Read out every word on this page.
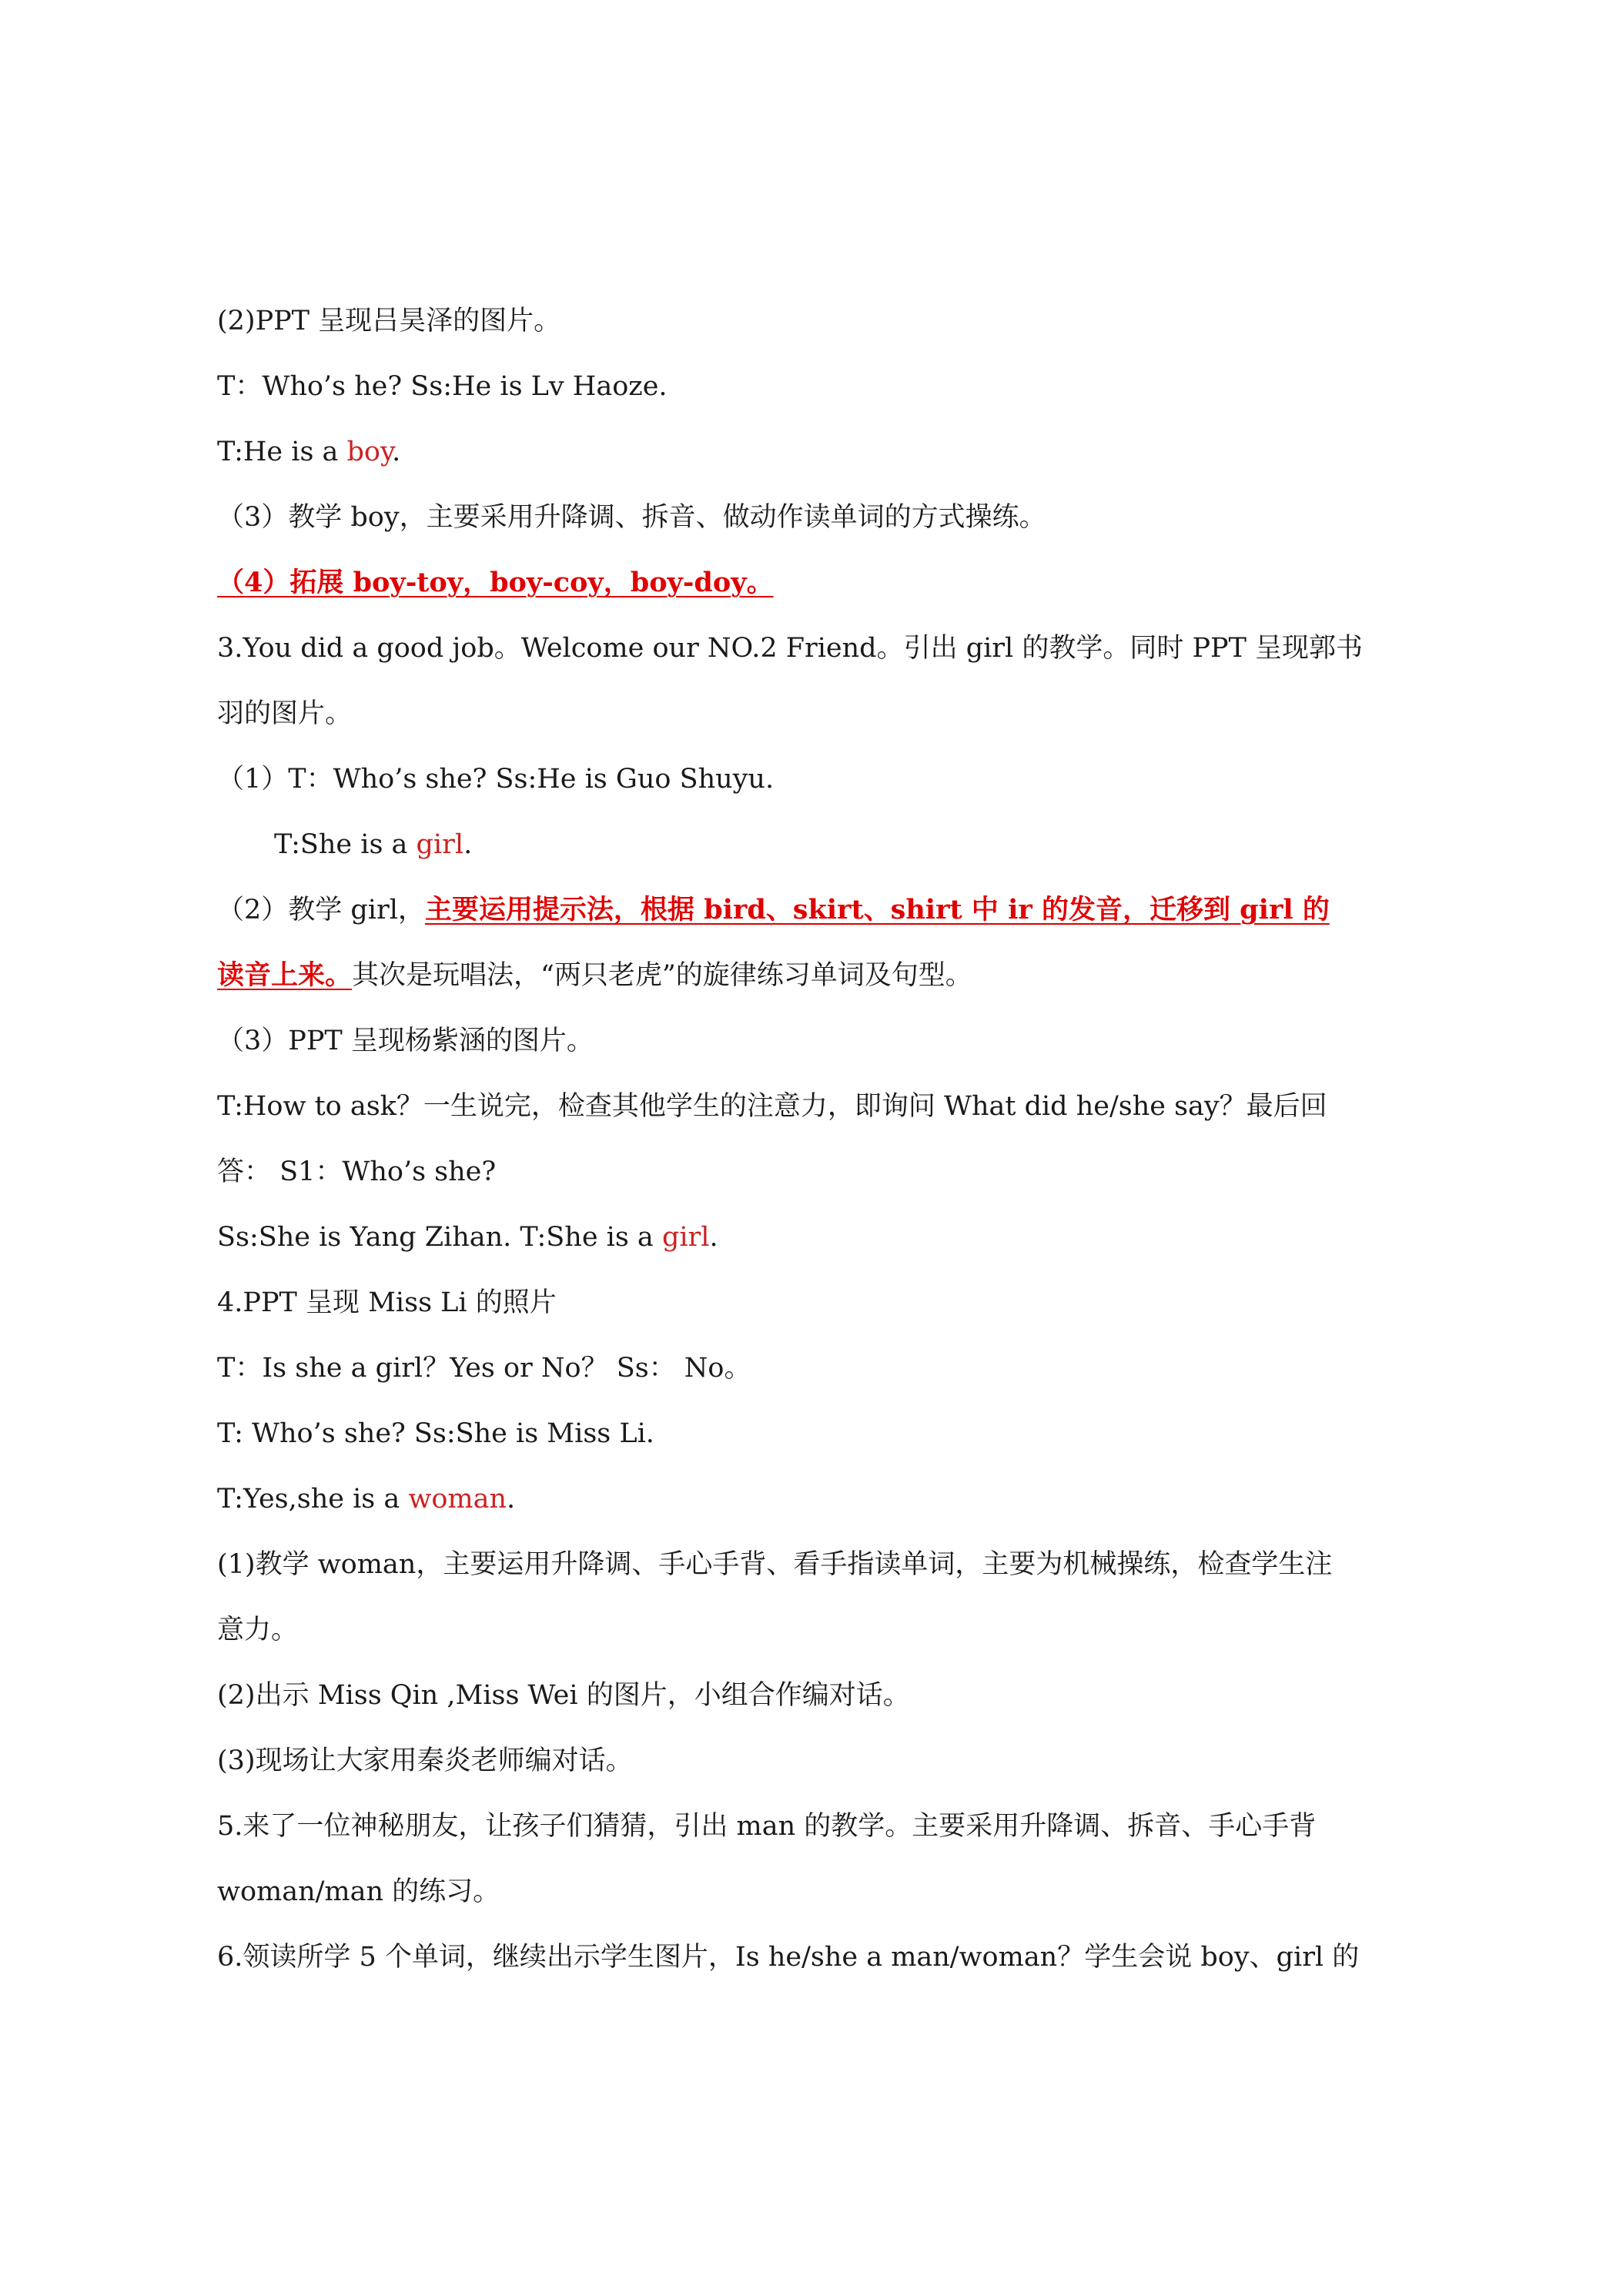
(2)PPT 呈现吕昊泽的图片。
T：Who’s he? Ss:He is Lv Haoze.
T:He is a boy.
（3）教学 boy，主要采用升降调、拆音、做动作读单词的方式操练。
（4）拓展 boy-toy，boy-coy，boy-doy。
3.You did a good job。Welcome our NO.2 Friend。引出 girl 的教学。同时 PPT 呈现郭书
羽的图片。
（1）T：Who’s she? Ss:He is Guo Shuyu.
T:She is a girl.
（2）教学 girl，主要运用提示法，根据 bird、skirt、shirt 中 ir 的发音，迁移到 girl 的
读音上来。其次是玩唱法，“两只老虎”的旋律练习单词及句型。
（3）PPT 呈现杨紫涵的图片。
T:How to ask？一生说完，检查其他学生的注意力，即询问 What did he/she say？最后回
答： S1：Who’s she?
Ss:She is Yang Zihan. T:She is a girl.
4.PPT 呈现 Miss Li 的照片
T：Is she a girl？Yes or No？ Ss： No。
T: Who’s she? Ss:She is Miss Li.
T:Yes,she is a woman.
(1)教学 woman，主要运用升降调、手心手背、看手指读单词，主要为机械操练，检查学生注
意力。
(2)出示 Miss Qin ,Miss Wei 的图片，小组合作编对话。
(3)现场让大家用秦炎老师编对话。
5.来了一位神秘朋友，让孩子们猜猜，引出 man 的教学。主要采用升降调、拆音、手心手背
woman/man 的练习。
6.领读所学 5 个单词，继续出示学生图片，Is he/she a man/woman？学生会说 boy、girl 的
